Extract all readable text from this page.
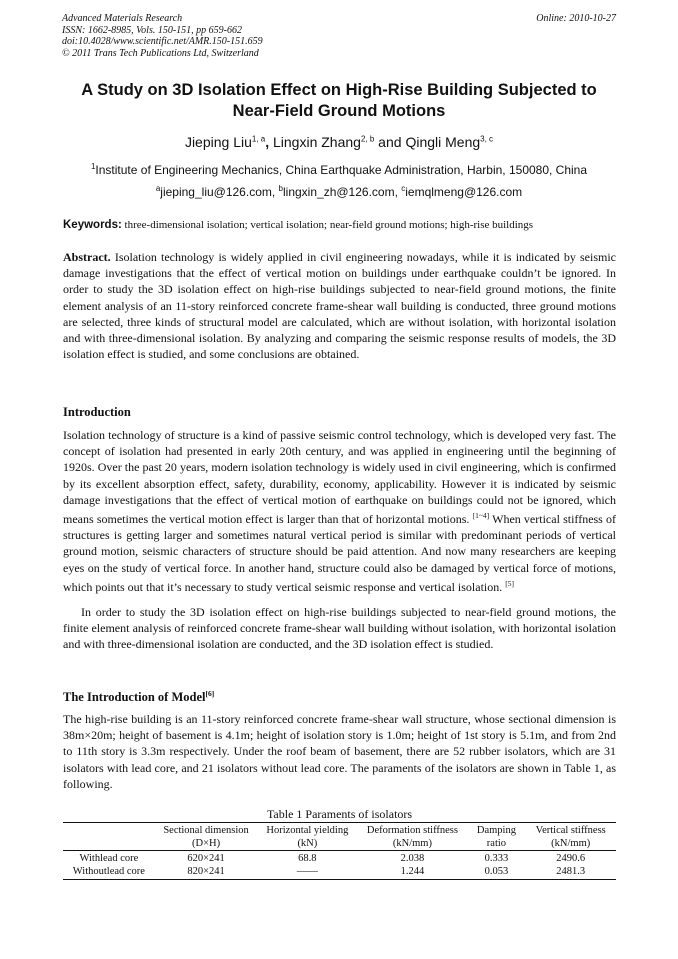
Advanced Materials Research
ISSN: 1662-8985, Vols. 150-151, pp 659-662
doi:10.4028/www.scientific.net/AMR.150-151.659
© 2011 Trans Tech Publications Ltd, Switzerland
Online: 2010-10-27
A Study on 3D Isolation Effect on High-Rise Building Subjected to
Near-Field Ground Motions
Jieping Liu$^{1, a}$, Lingxin Zhang$^{2, b}$ and Qingli Meng$^{3, c}$
$^1$Institute of Engineering Mechanics, China Earthquake Administration, Harbin, 150080, China
$^a$jieping_liu@126.com, $^b$lingxin_zh@126.com, $^c$iemqlmeng@126.com
Keywords: three-dimensional isolation; vertical isolation; near-field ground motions; high-rise buildings

Abstract. Isolation technology is widely applied in civil engineering nowadays, while it is indicated by seismic damage investigations that the effect of vertical motion on buildings under earthquake couldn’t be ignored. In order to study the 3D isolation effect on high-rise buildings subjected to near-field ground motions, the finite element analysis of an 11-story reinforced concrete frame-shear wall building is conducted, three ground motions are selected, three kinds of structural model are calculated, which are without isolation, with horizontal isolation and with three-dimensional isolation. By analyzing and comparing the seismic response results of models, the 3D isolation effect is studied, and some conclusions are obtained.

Introduction

Isolation technology of structure is a kind of passive seismic control technology, which is developed very fast. The concept of isolation had presented in early 20th century, and was applied in engineering until the beginning of 1920s. Over the past 20 years, modern isolation technology is widely used in civil engineering, which is confirmed by its excellent absorption effect, safety, durability, economy, applicability. However it is indicated by seismic damage investigations that the effect of vertical motion of earthquake on buildings could not be ignored, which means sometimes the vertical motion effect is larger than that of horizontal motions. [1~4] When vertical stiffness of structures is getting larger and sometimes natural vertical period is similar with predominant periods of vertical ground motion, seismic characters of structure should be paid attention. And now many researchers are keeping eyes on the study of vertical force. In another hand, structure could also be damaged by vertical force of motions, which points out that it’s necessary to study vertical seismic response and vertical isolation. [5]

In order to study the 3D isolation effect on high-rise buildings subjected to near-field ground motions, the finite element analysis of reinforced concrete frame-shear wall building without isolation, with horizontal isolation and with three-dimensional isolation are conducted, and the 3D isolation effect is studied.

The Introduction of Model[6]

The high-rise building is an 11-story reinforced concrete frame-shear wall structure, whose sectional dimension is 38m×20m; height of basement is 4.1m; height of isolation story is 1.0m; height of 1st story is 5.1m, and from 2nd to 11th story is 3.3m respectively. Under the roof beam of basement, there are 52 rubber isolators, which are 31 isolators with lead core, and 21 isolators without lead core. The paraments of the isolators are shown in Table 1, as following.

Table 1 Paraments of isolators
	Sectional dimension	Horizontal yielding	Deformation stiffness	Damping	Vertical stiffness
	(D×H)	(kN)	(kN/mm)	ratio	(kN/mm)
Withlead core	620×241	68.8	2.038	0.333	2490.6
Withoutlead core	820×241	——	1.244	0.053	2481.3
